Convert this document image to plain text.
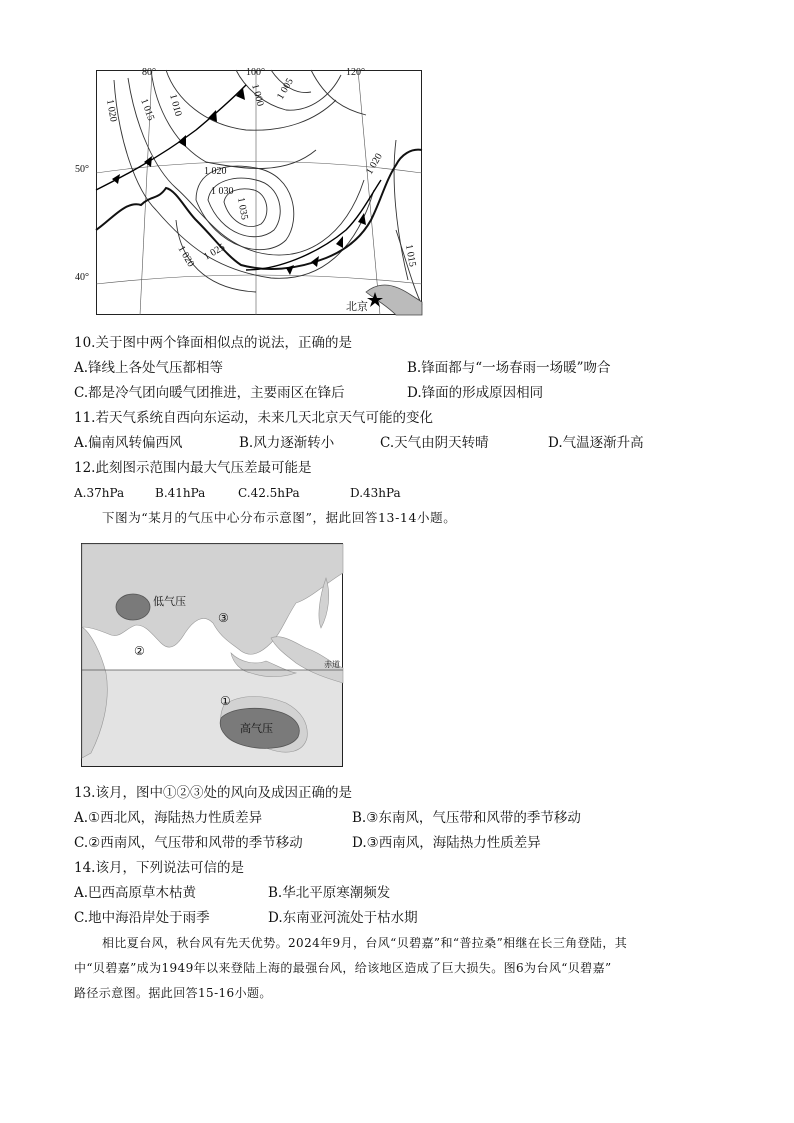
80°	100°	120°
50°
40°
1 020 1 015 1 010	1 000 1 005
1 020
1 030
1 035
1 025
1 020	1 015
1 020
北京
10.关于图中两个锋面相似点的说法，正确的是
A.锋线上各处气压都相等	B.锋面都与“一场春雨一场暖”吻合
C.都是冷气团向暖气团推进，主要雨区在锋后	D.锋面的形成原因相同
11.若天气系统自西向东运动，未来几天北京天气可能的变化
A.偏南风转偏西风	B.风力逐渐转小	C.天气由阴天转晴	D.气温逐渐升高
12.此刻图示范围内最大气压差最可能是
A.37hPa	B.41hPa	C.42.5hPa	D.43hPa
下图为“某月的气压中心分布示意图”，据此回答13-14小题。
低气压
高气压
赤道
③
②
①
13.该月，图中①②③处的风向及成因正确的是
A.①西北风，海陆热力性质差异	B.③东南风，气压带和风带的季节移动
C.②西南风，气压带和风带的季节移动	D.③西南风，海陆热力性质差异
14.该月，下列说法可信的是
A.巴西高原草木枯黄	B.华北平原寒潮频发
C.地中海沿岸处于雨季	D.东南亚河流处于枯水期
相比夏台风，秋台风有先天优势。2024年9月，台风“贝碧嘉”和“普拉桑”相继在长三角登陆，其
中“贝碧嘉”成为1949年以来登陆上海的最强台风，给该地区造成了巨大损失。图6为台风“贝碧嘉”
路径示意图。据此回答15-16小题。
